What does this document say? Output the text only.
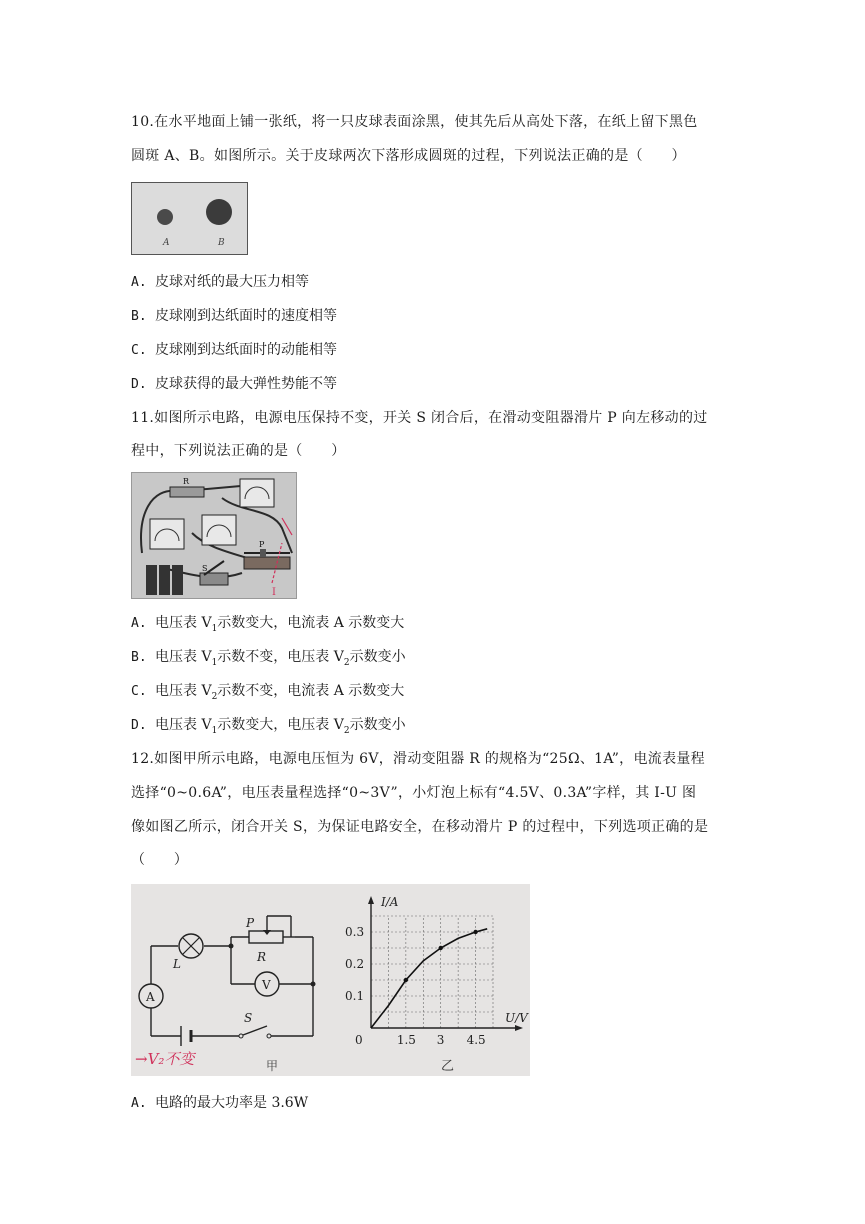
10.在水平地面上铺一张纸，将一只皮球表面涂黑，使其先后从高处下落，在纸上留下黑色
圆斑 A、B。如图所示。关于皮球两次下落形成圆斑的过程，下列说法正确的是（　　）
A	B
A. 皮球对纸的最大压力相等
B. 皮球刚到达纸面时的速度相等
C. 皮球刚到达纸面时的动能相等
D. 皮球获得的最大弹性势能不等
11.如图所示电路，电源电压保持不变，开关 S 闭合后，在滑动变阻器滑片 P 向左移动的过
程中，下列说法正确的是（　　）
R
S
P
I
A. 电压表 $V_1$示数变大，电流表 A 示数变大
B. 电压表 $V_1$示数不变，电压表 $V_2$示数变小
C. 电压表 $V_2$示数不变，电流表 A 示数变大
D. 电压表 $V_1$示数变大，电压表 $V_2$示数变小
12.如图甲所示电路，电源电压恒为 6V，滑动变阻器 R 的规格为“25Ω、1A”，电流表量程
选择“0~0.6A”，电压表量程选择“0~3V”，小灯泡上标有“4.5V、0.3A”字样，其 I-U 图
像如图乙所示，闭合开关 S，为保证电路安全，在移动滑片 P 的过程中，下列选项正确的是
（　　）
L
P
R
V
A
S
甲
→V₂不变
I/A
U/V
0
0.1
0.2
0.3
1.5 3 4.5
乙
A. 电路的最大功率是 3.6W
